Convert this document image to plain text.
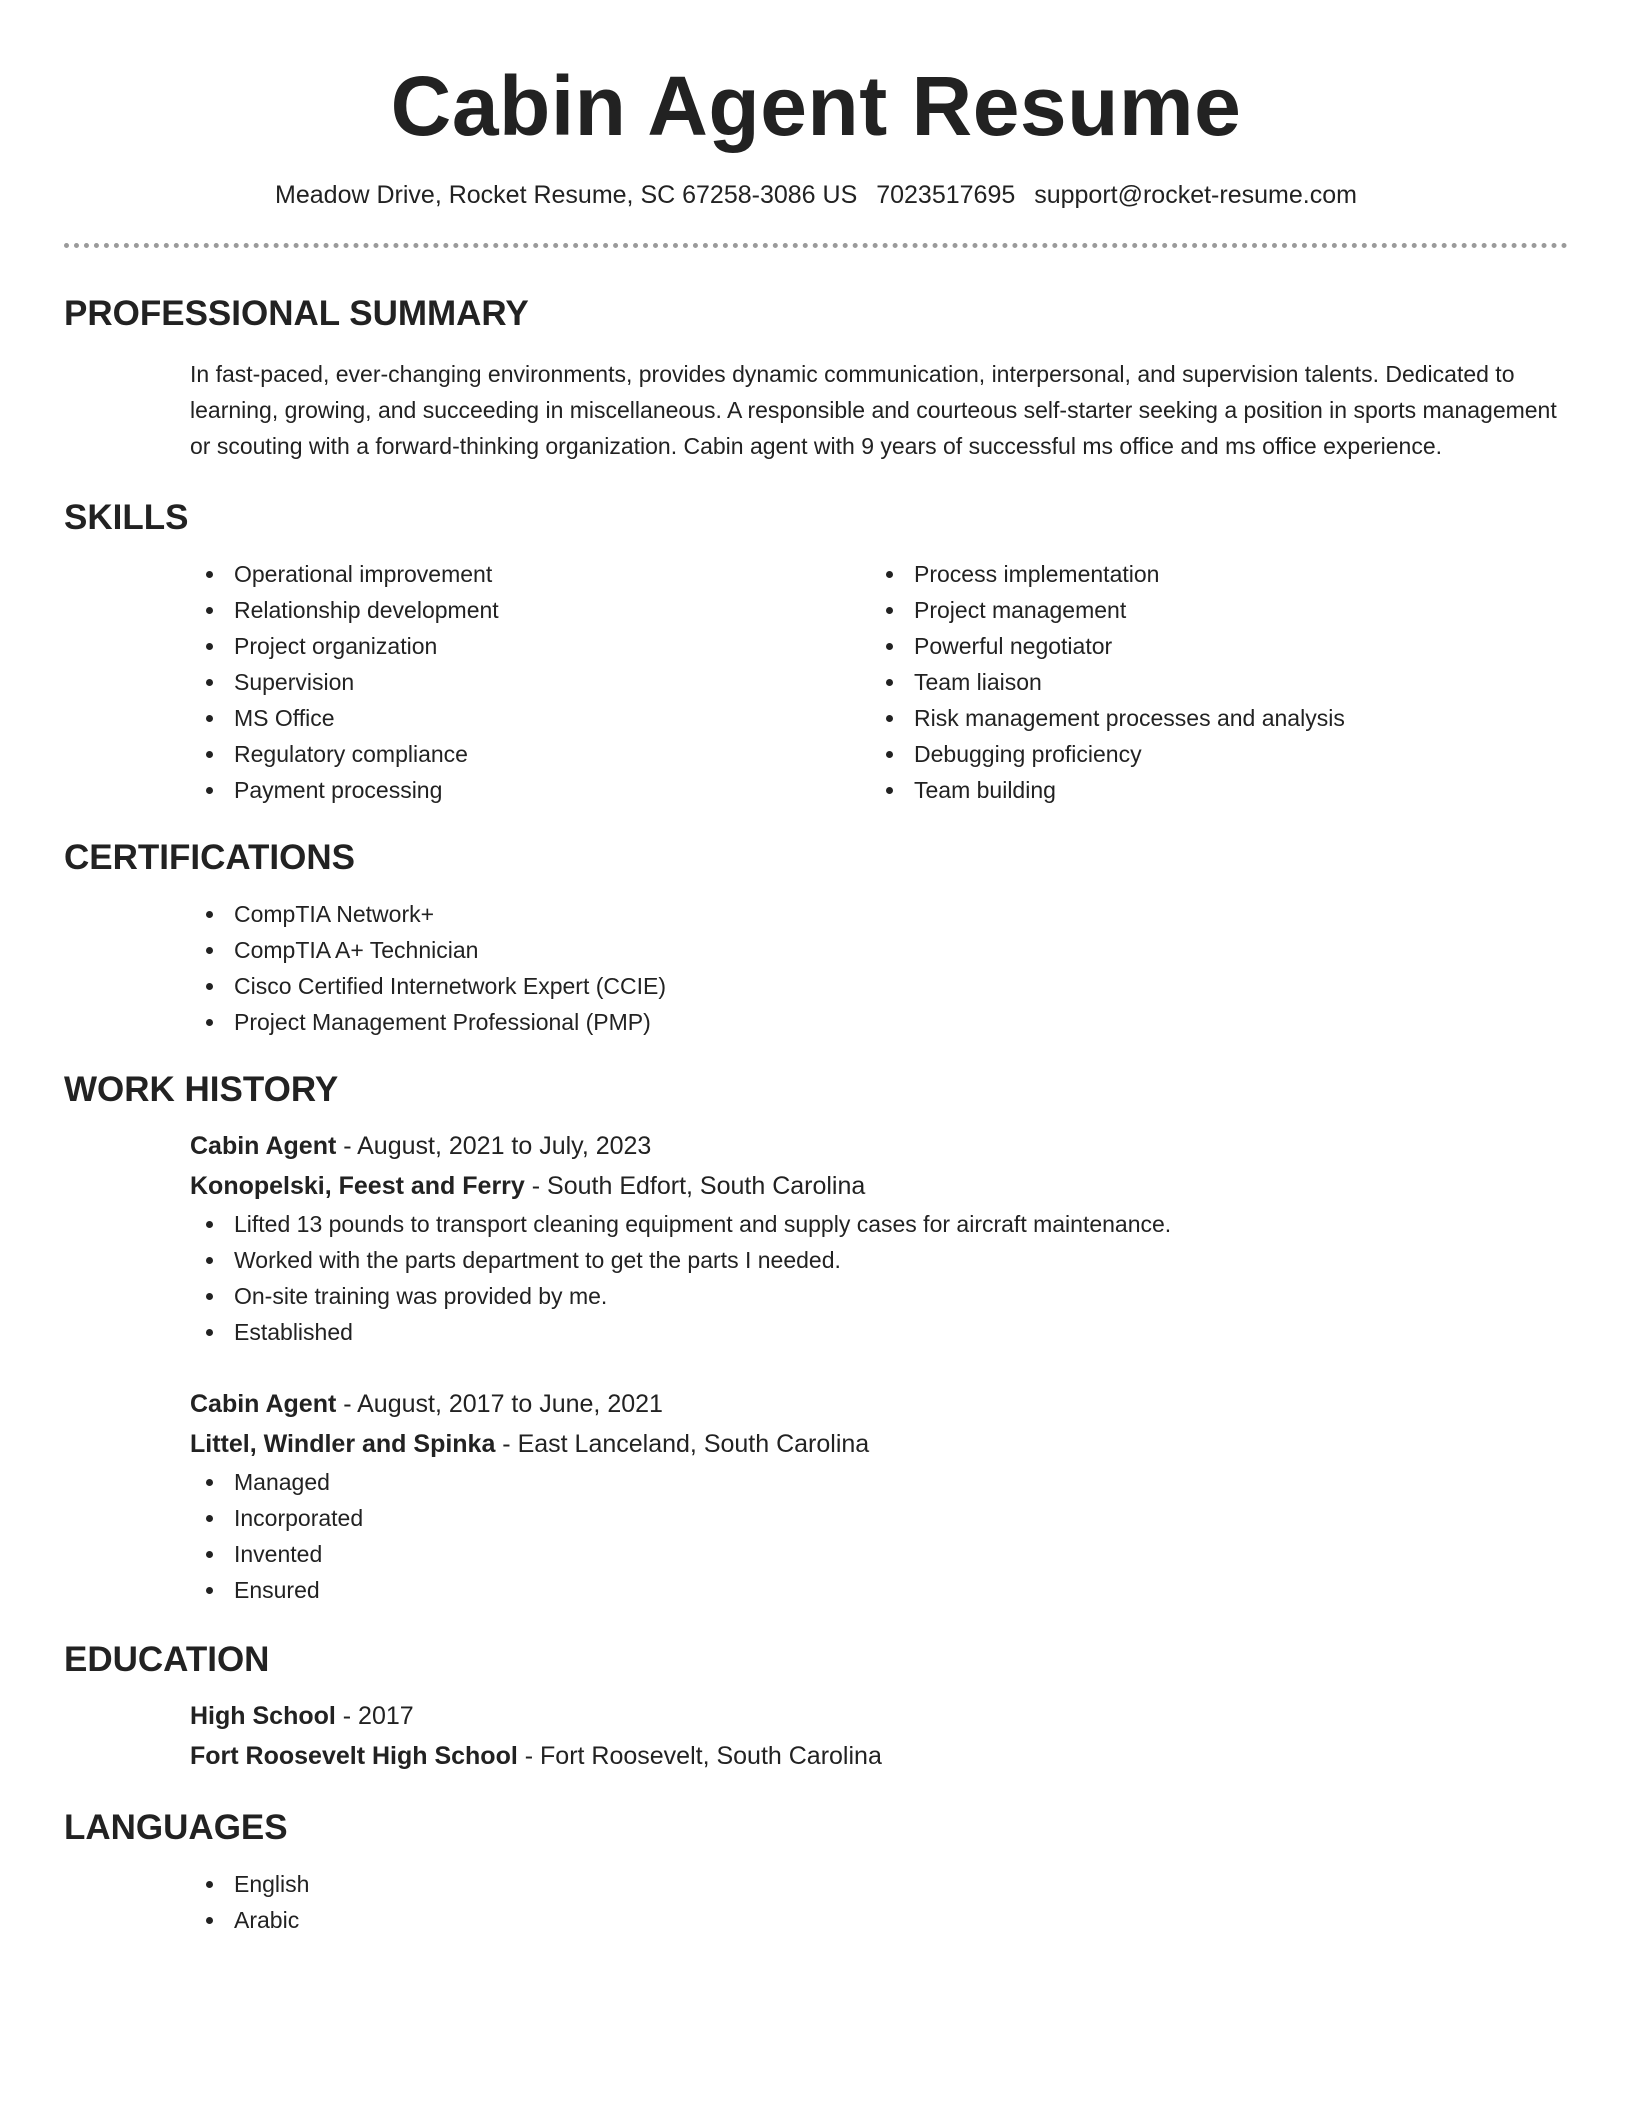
Cabin Agent Resume
Meadow Drive, Rocket Resume, SC 67258-3086 US 7023517695 support@rocket-resume.com
PROFESSIONAL SUMMARY

In fast-paced, ever-changing environments, provides dynamic communication, interpersonal, and supervision talents. Dedicated to learning, growing, and succeeding in miscellaneous. A responsible and courteous self-starter seeking a position in sports management or scouting with a forward-thinking organization. Cabin agent with 9 years of successful ms office and ms office experience.

SKILLS
Operational improvement
Relationship development
Project organization
Supervision
MS Office
Regulatory compliance
Payment processing
Process implementation
Project management
Powerful negotiator
Team liaison
Risk management processes and analysis
Debugging proficiency
Team building
CERTIFICATIONS
CompTIA Network+
CompTIA A+ Technician
Cisco Certified Internetwork Expert (CCIE)
Project Management Professional (PMP)
WORK HISTORY
Cabin Agent - August, 2021 to July, 2023
Konopelski, Feest and Ferry - South Edfort, South Carolina
Lifted 13 pounds to transport cleaning equipment and supply cases for aircraft maintenance.
Worked with the parts department to get the parts I needed.
On-site training was provided by me.
Established
Cabin Agent - August, 2017 to June, 2021
Littel, Windler and Spinka - East Lanceland, South Carolina
Managed
Incorporated
Invented
Ensured
EDUCATION
High School - 2017
Fort Roosevelt High School - Fort Roosevelt, South Carolina
LANGUAGES
English
Arabic
